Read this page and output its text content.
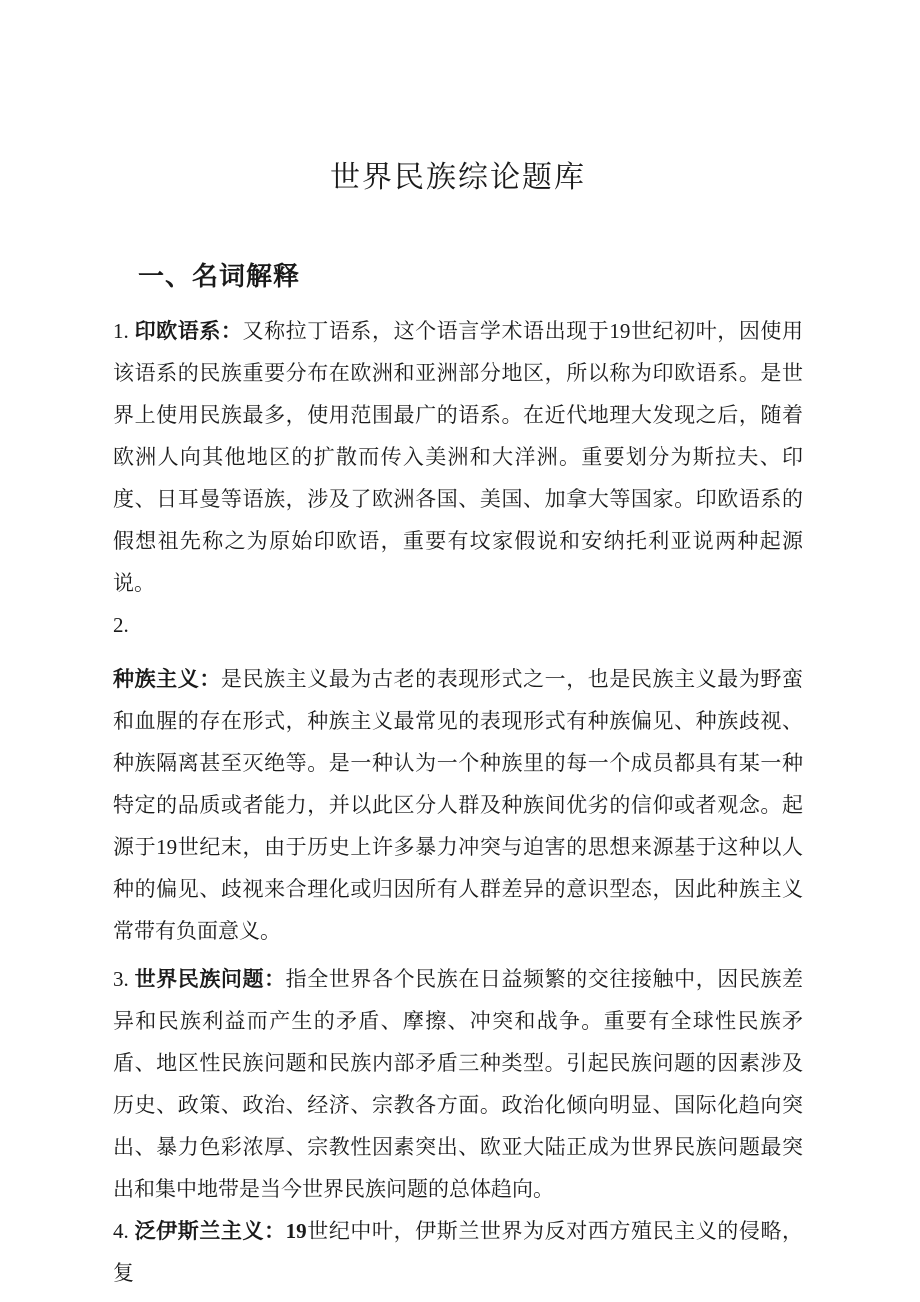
世界民族综论题库
一、名词解释

1. 印欧语系：又称拉丁语系，这个语言学术语出现于19世纪初叶，因使用该语系的民族重要分布在欧洲和亚洲部分地区，所以称为印欧语系。是世界上使用民族最多，使用范围最广的语系。在近代地理大发现之后，随着欧洲人向其他地区的扩散而传入美洲和大洋洲。重要划分为斯拉夫、印度、日耳曼等语族，涉及了欧洲各国、美国、加拿大等国家。印欧语系的假想祖先称之为原始印欧语，重要有坟家假说和安纳托利亚说两种起源说。

2.

种族主义：是民族主义最为古老的表现形式之一，也是民族主义最为野蛮和血腥的存在形式，种族主义最常见的表现形式有种族偏见、种族歧视、种族隔离甚至灭绝等。是一种认为一个种族里的每一个成员都具有某一种特定的品质或者能力，并以此区分人群及种族间优劣的信仰或者观念。起源于19世纪末，由于历史上许多暴力冲突与迫害的思想来源基于这种以人种的偏见、歧视来合理化或归因所有人群差异的意识型态，因此种族主义常带有负面意义。

3. 世界民族问题：指全世界各个民族在日益频繁的交往接触中，因民族差异和民族利益而产生的矛盾、摩擦、冲突和战争。重要有全球性民族矛盾、地区性民族问题和民族内部矛盾三种类型。引起民族问题的因素涉及历史、政策、政治、经济、宗教各方面。政治化倾向明显、国际化趋向突出、暴力色彩浓厚、宗教性因素突出、欧亚大陆正成为世界民族问题最突出和集中地带是当今世界民族问题的总体趋向。

4. 泛伊斯兰主义：19世纪中叶，伊斯兰世界为反对西方殖民主义的侵略，复
